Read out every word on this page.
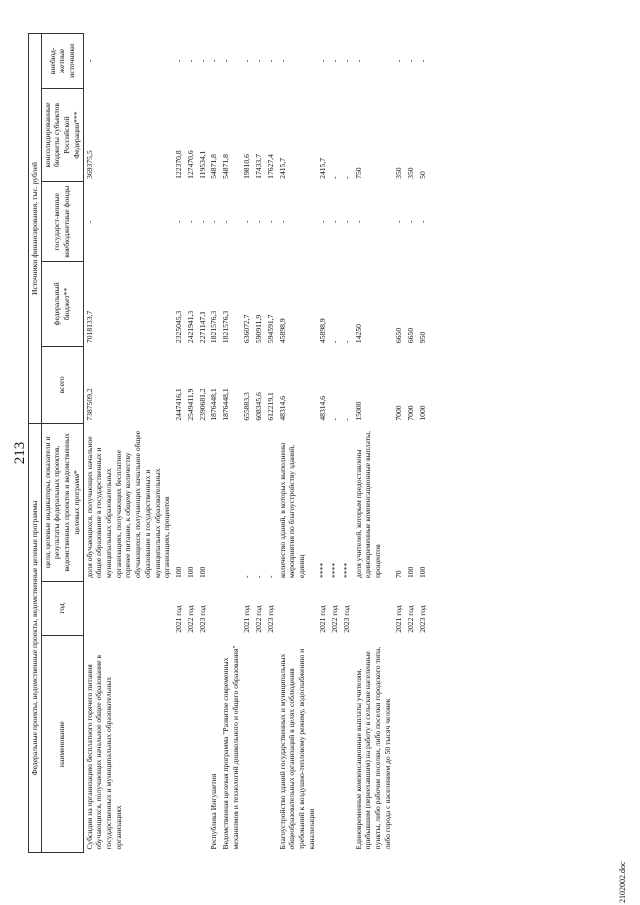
213
Федеральные проекты, ведомственные проекты, ведомственные целевые программы			Источники финансирования, тыс. рублей				
наименование	год	цели, целевые индикаторы, показатели и результаты федеральных проектов, ведомственных проектов и ведомственных целевых программ*	всего	федеральный бюджет**	государст-венные внебюджетные фонды	консолидированные бюджеты субъектов Российской Федерации***	внебюд-жетные источники
Субсидии на организацию бесплатного горячего питания обучающихся, получающих начальное общее образование в государственных и муниципальных образовательных организациях		доля обучающихся, получающих начальное общее образование в государственных и муниципальных образовательных организациях, получающих бесплатное горячее питание, к общему количеству обучающихся, получающих начальное общее образование в государственных и муниципальных образовательных организациях, процентов	7387509,2	7018133,7	-	369375,5	-
	2021 год	100	2447416,1	2325045,3	-	122370,8	-
	2022 год	100	2549411,9	2421941,3	-	127470,6	-
	2023 год	100	2390681,2	2271147,1	-	119534,1	-
Республика Ингушетия			1876448,1	1821576,3	-	54871,8	-
Ведомственная целевая программа "Развитие современных механизмов и технологий дошкольного и общего образования"			1876448,1	1821576,3	-	54871,8	-
	2021 год	-	655883,3	636072,7	-	19810,6	-
	2022 год	-	608345,6	590911,9	-	17433,7	-
	2023 год	-	612219,1	594591,7	-	17627,4	-
Благоустройство зданий государственных и муниципальных общеобразовательных организаций в целях соблюдения требований к воздушно-тепловому режиму, водоснабжению и канализации		количество зданий, в которых выполнены мероприятия по благоустройству зданий, единиц	48314,6	45898,9	-	2415,7	-
	2021 год	****	48314,6	45898,9	-	2415,7	-
	2022 год	****	-	-	-	-	-
	2023 год	****	-	-	-	-	-
Единовременные компенсационные выплаты учителям, прибывшим (переехавшим) на работу в сельские населенные пункты, либо рабочие поселки, либо поселки городского типа, либо города с населением до 50 тысяч человек		доля учителей, которым предоставлены единовременные компенсационные выплаты, процентов	15000	14250	-	750	-
	2021 год	70	7000	6650	-	350	-
	2022 год	100	7000	6650	-	350	-
	2023 год	100	1000	950	-	50	-
2102002.doc
